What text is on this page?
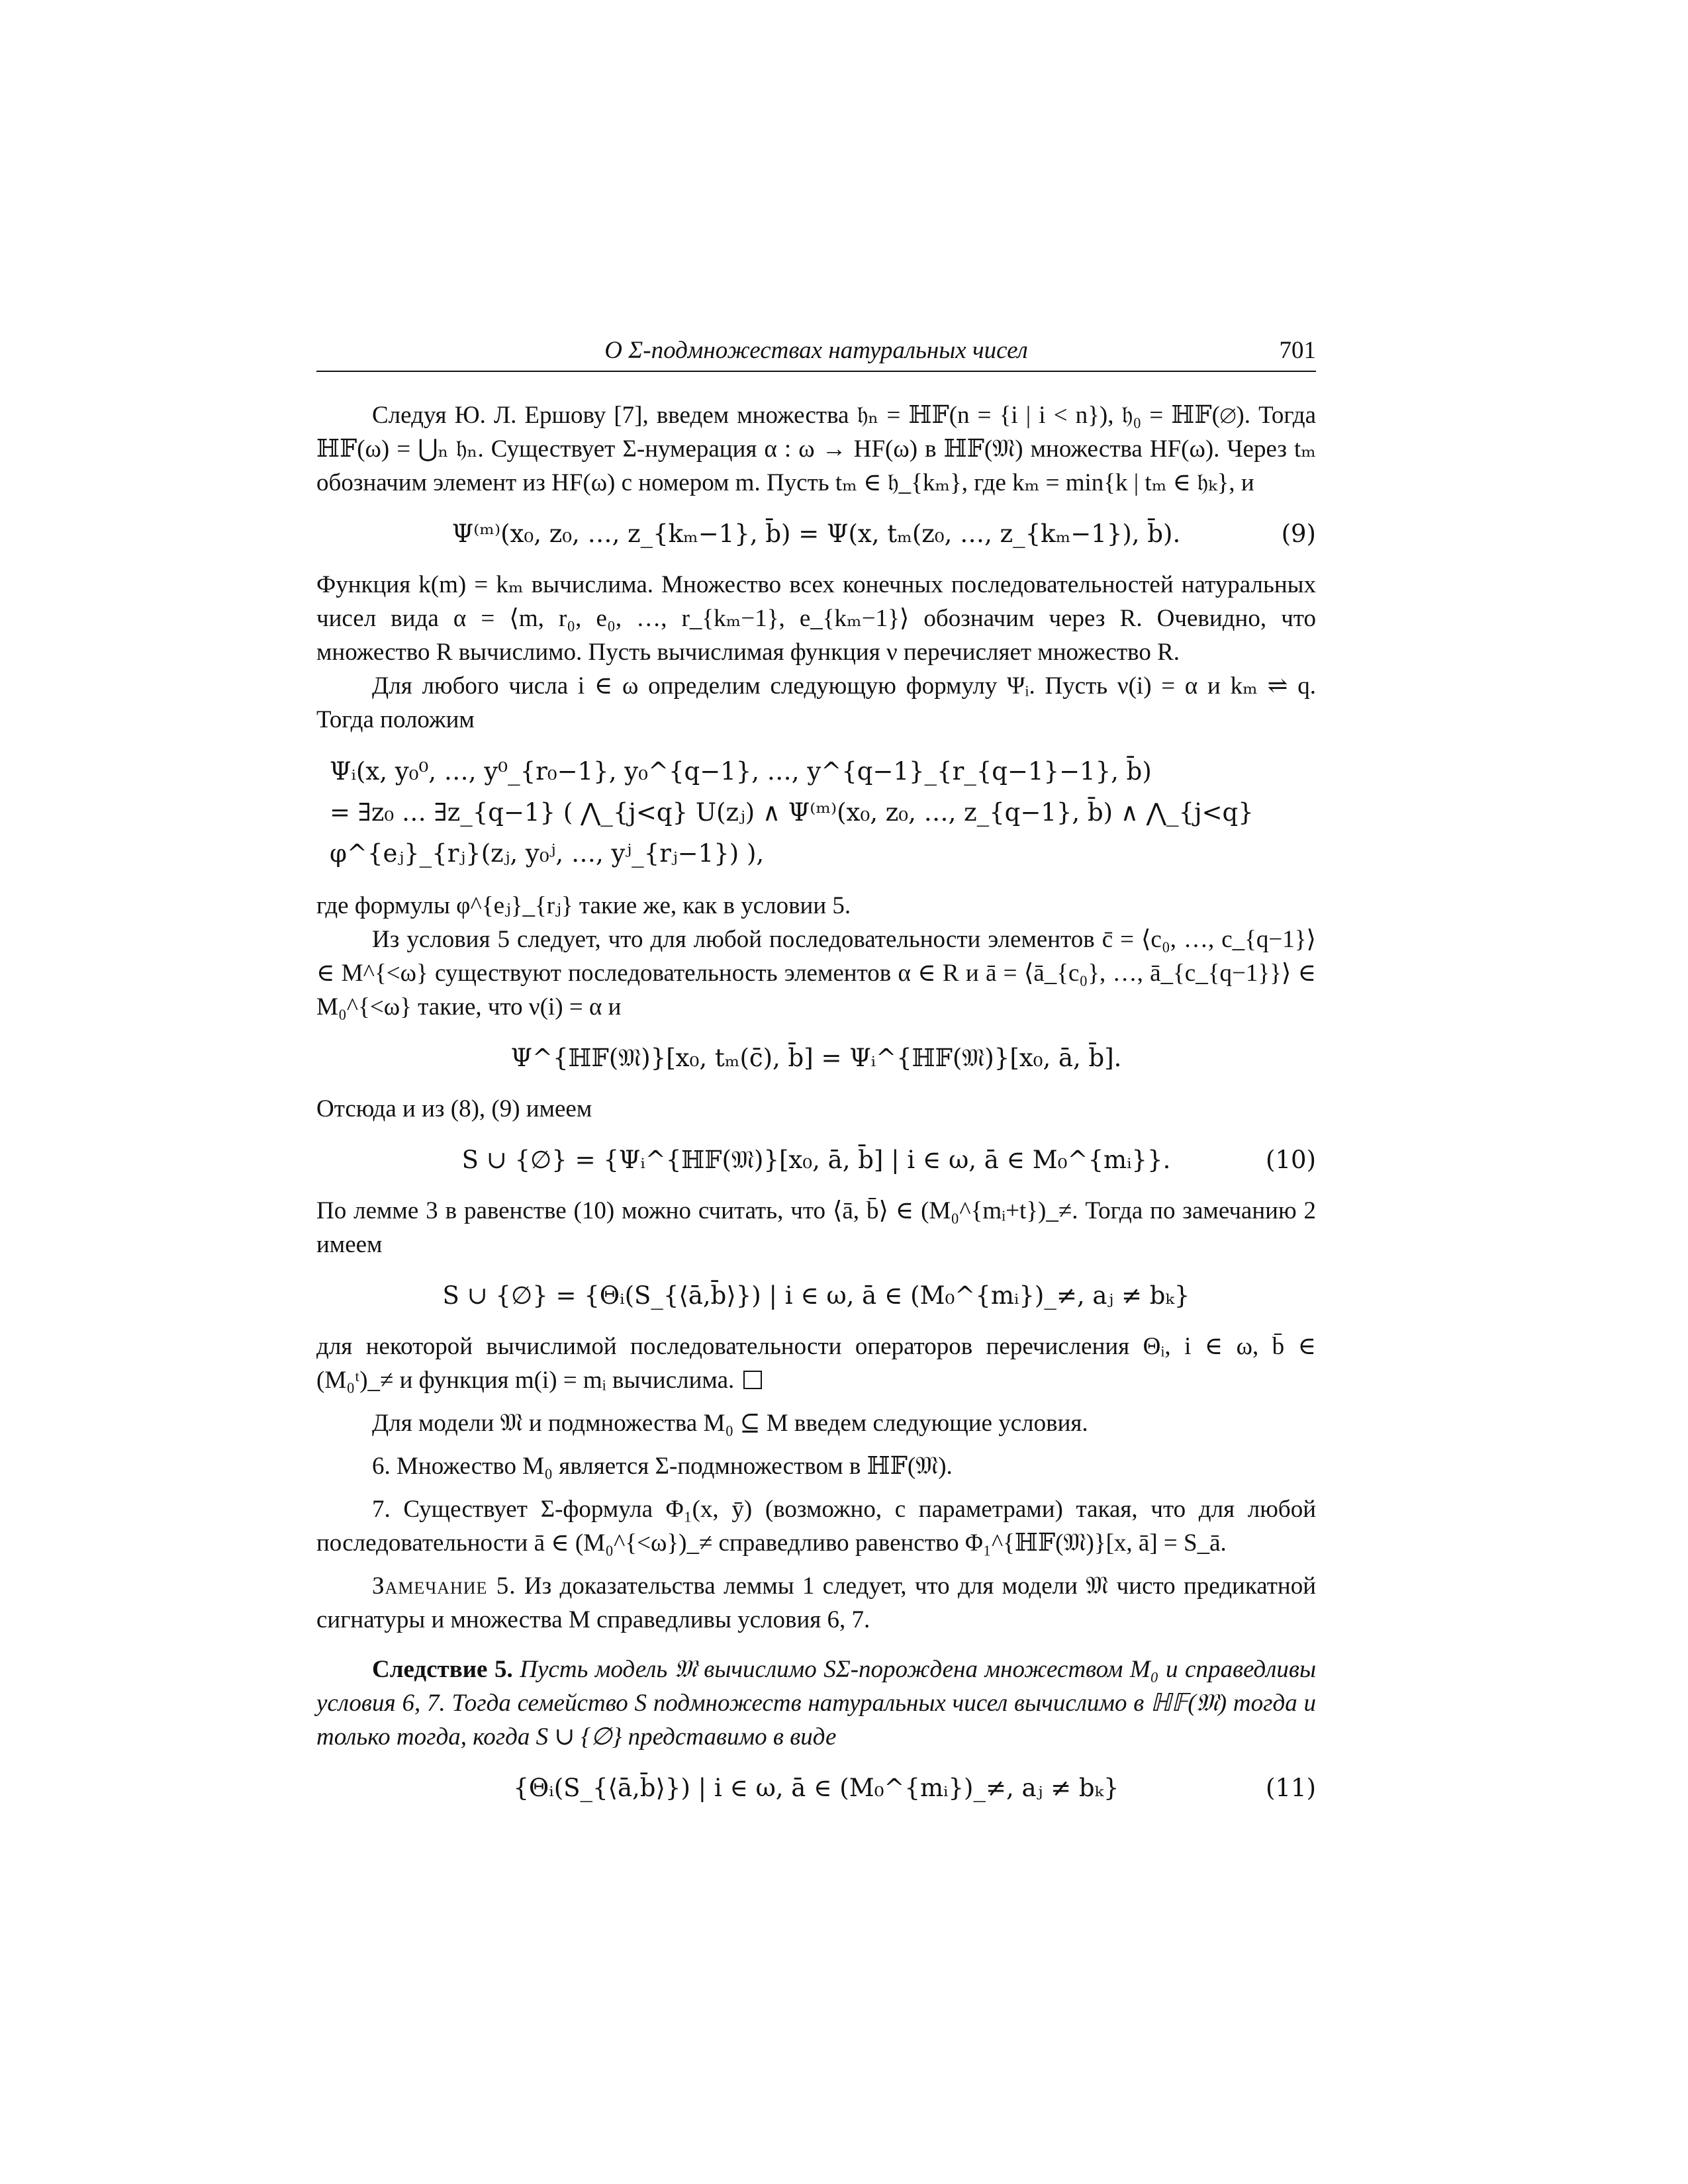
О Σ-подмножествах натуральных чисел	701

Следуя Ю. Л. Ершову [7], введем множества 𝔥ₙ = ℍ𝔽(n = {i | i < n}), 𝔥₀ = ℍ𝔽(∅). Тогда ℍ𝔽(ω) = ⋃ₙ 𝔥ₙ. Существует Σ-нумерация α : ω → HF(ω) в ℍ𝔽(𝔐) множества HF(ω). Через tₘ обозначим элемент из HF(ω) с номером m. Пусть tₘ ∈ 𝔥_{kₘ}, где kₘ = min{k | tₘ ∈ 𝔥ₖ}, и

Ψ⁽ᵐ⁾(x₀, z₀, …, z_{kₘ−1}, b̄) = Ψ(x, tₘ(z₀, …, z_{kₘ−1}), b̄).	(9)

Функция k(m) = kₘ вычислима. Множество всех конечных последовательностей натуральных чисел вида α = ⟨m, r₀, e₀, …, r_{kₘ−1}, e_{kₘ−1}⟩ обозначим через R. Очевидно, что множество R вычислимо. Пусть вычислимая функция ν перечисляет множество R.

Для любого числа i ∈ ω определим следующую формулу Ψᵢ. Пусть ν(i) = α и kₘ ⇌ q. Тогда положим

Ψᵢ(x, y₀⁰, …, y⁰_{r₀−1}, y₀^{q−1}, …, y^{q−1}_{r_{q−1}−1}, b̄)
= ∃z₀ … ∃z_{q−1} ( ⋀_{j<q} U(zⱼ) ∧ Ψ⁽ᵐ⁾(x₀, z₀, …, z_{q−1}, b̄) ∧ ⋀_{j<q} φ^{eⱼ}_{rⱼ}(zⱼ, y₀ʲ, …, yʲ_{rⱼ−1}) ),

где формулы φ^{eⱼ}_{rⱼ} такие же, как в условии 5.

Из условия 5 следует, что для любой последовательности элементов c̄ = ⟨c₀, …, c_{q−1}⟩ ∈ M^{<ω} существуют последовательность элементов α ∈ R и ā = ⟨ā_{c₀}, …, ā_{c_{q−1}}⟩ ∈ M₀^{<ω} такие, что ν(i) = α и

Ψ^{ℍ𝔽(𝔐)}[x₀, tₘ(c̄), b̄] = Ψᵢ^{ℍ𝔽(𝔐)}[x₀, ā, b̄].

Отсюда и из (8), (9) имеем

S ∪ {∅} = {Ψᵢ^{ℍ𝔽(𝔐)}[x₀, ā, b̄] | i ∈ ω, ā ∈ M₀^{mᵢ}}.	(10)

По лемме 3 в равенстве (10) можно считать, что ⟨ā, b̄⟩ ∈ (M₀^{mᵢ+t})_≠. Тогда по замечанию 2 имеем

S ∪ {∅} = {Θᵢ(S_{⟨ā,b̄⟩}) | i ∈ ω, ā ∈ (M₀^{mᵢ})_≠, aⱼ ≠ bₖ}

для некоторой вычислимой последовательности операторов перечисления Θᵢ, i ∈ ω, b̄ ∈ (M₀ᵗ)_≠ и функция m(i) = mᵢ вычислима.

Для модели 𝔐 и подмножества M₀ ⊆ M введем следующие условия.

6. Множество M₀ является Σ-подмножеством в ℍ𝔽(𝔐).

7. Существует Σ-формула Φ₁(x, ȳ) (возможно, с параметрами) такая, что для любой последовательности ā ∈ (M₀^{<ω})_≠ справедливо равенство Φ₁^{ℍ𝔽(𝔐)}[x, ā] = S_ā.

Замечание 5. Из доказательства леммы 1 следует, что для модели 𝔐 чисто предикатной сигнатуры и множества M справедливы условия 6, 7.

Следствие 5. Пусть модель 𝔐 вычислимо SΣ-порождена множеством M₀ и справедливы условия 6, 7. Тогда семейство S подмножеств натуральных чисел вычислимо в ℍ𝔽(𝔐) тогда и только тогда, когда S ∪ {∅} представимо в виде

{Θᵢ(S_{⟨ā,b̄⟩}) | i ∈ ω, ā ∈ (M₀^{mᵢ})_≠, aⱼ ≠ bₖ}	(11)
